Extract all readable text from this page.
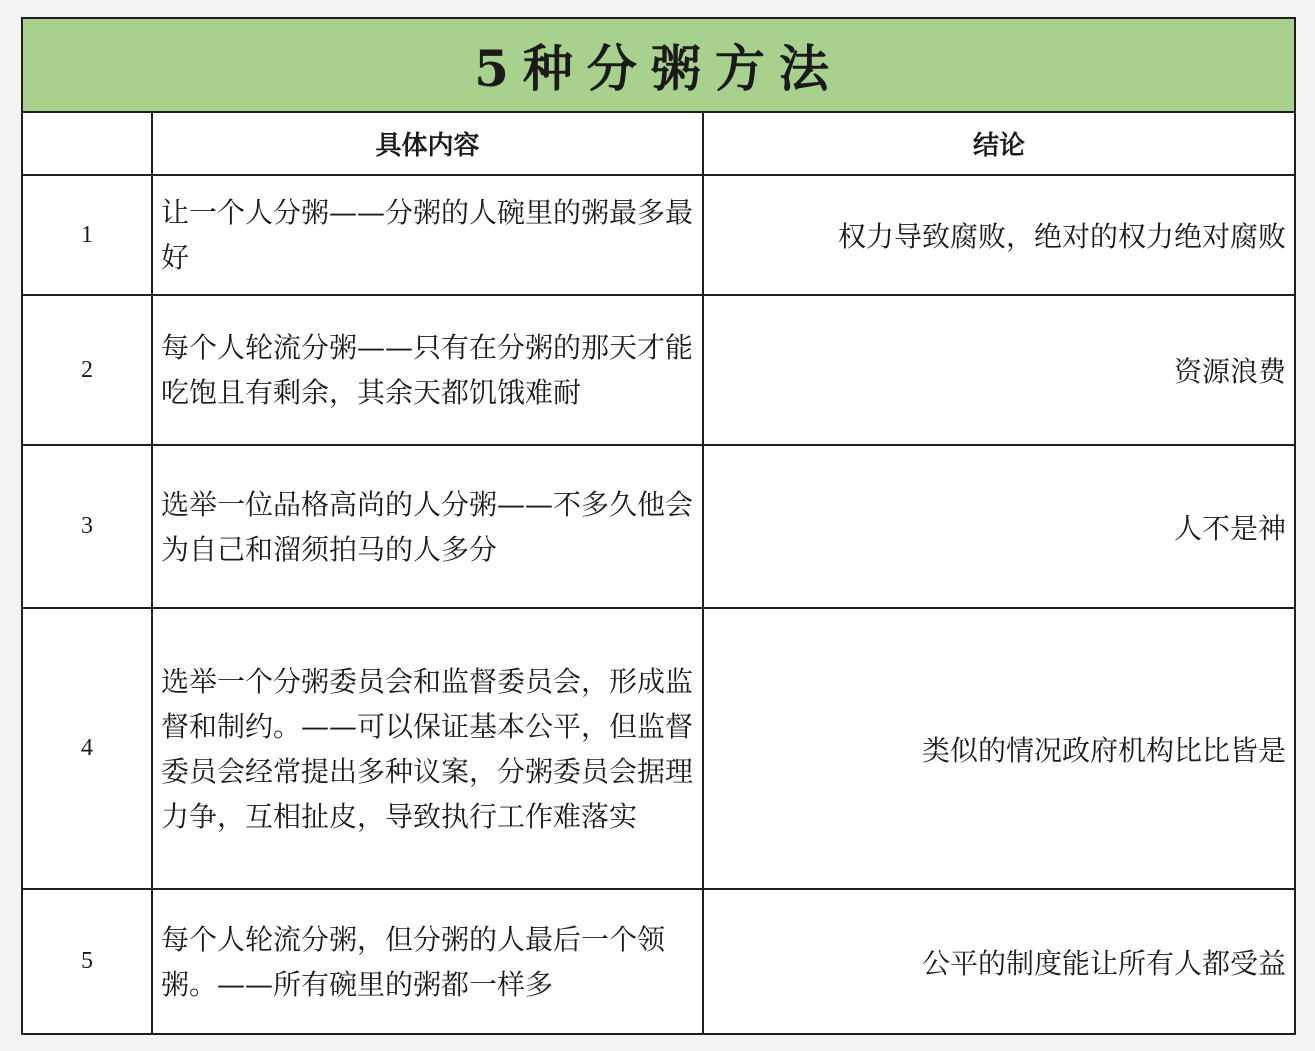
5种分粥方法		
	具体内容	结论
1	让一个人分粥——分粥的人碗里的粥最多最好	权力导致腐败，绝对的权力绝对腐败
2	每个人轮流分粥——只有在分粥的那天才能吃饱且有剩余，其余天都饥饿难耐	资源浪费
3	选举一位品格高尚的人分粥——不多久他会为自己和溜须拍马的人多分	人不是神
4	选举一个分粥委员会和监督委员会，形成监督和制约。——可以保证基本公平，但监督委员会经常提出多种议案，分粥委员会据理力争，互相扯皮，导致执行工作难落实	类似的情况政府机构比比皆是
5	每个人轮流分粥，但分粥的人最后一个领粥。——所有碗里的粥都一样多	公平的制度能让所有人都受益
